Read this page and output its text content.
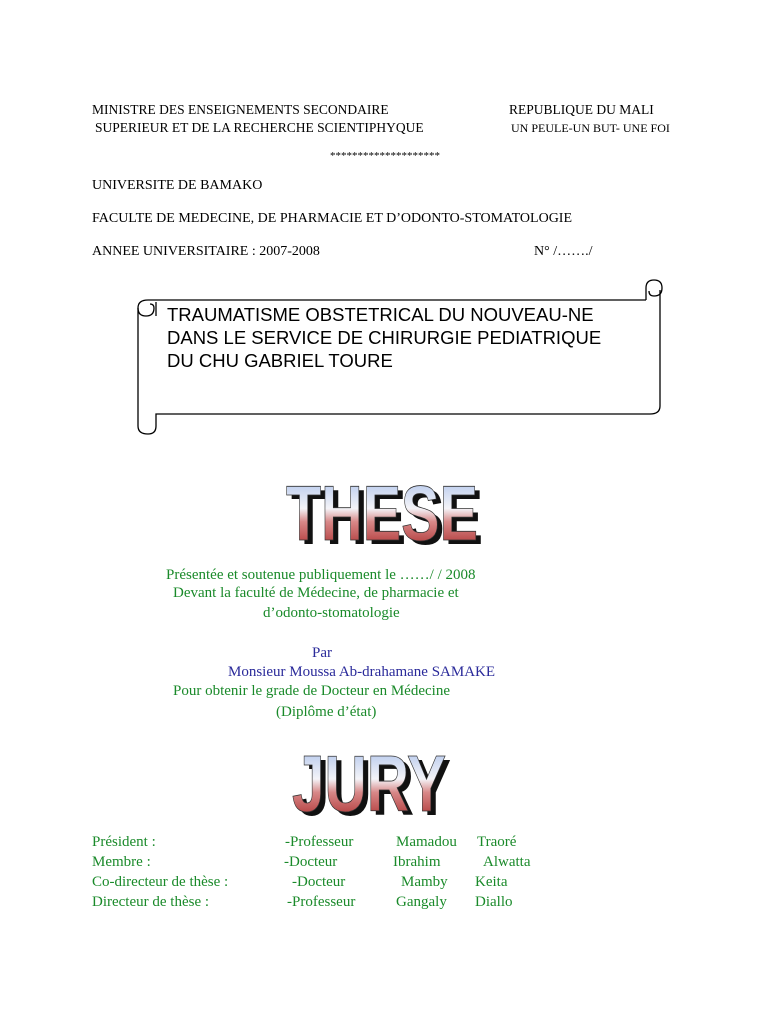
MINISTRE DES ENSEIGNEMENTS SECONDAIRE
SUPERIEUR ET DE LA RECHERCHE SCIENTIPHYQUE
REPUBLIQUE DU MALI
UN PEULE-UN BUT- UNE FOI
********************
UNIVERSITE DE BAMAKO
FACULTE DE MEDECINE, DE PHARMACIE ET D’ODONTO-STOMATOLOGIE
ANNEE UNIVERSITAIRE : 2007-2008	N° /……./
TRAUMATISME OBSTETRICAL DU NOUVEAU-NE
DANS LE SERVICE DE CHIRURGIE PEDIATRIQUE
DU CHU GABRIEL TOURE
THESE
THESE
Présentée et soutenue publiquement le ……/ / 2008
Devant la faculté de Médecine, de pharmacie et
d’odonto-stomatologie
Par
Monsieur Moussa Ab-drahamane SAMAKE
Pour obtenir le grade de Docteur en Médecine
(Diplôme d’état)
JURY
JURY
Président :	-Professeur	Mamadou Traoré
Membre :	-Docteur	Ibrahim	Alwatta
Co-directeur de thèse :	-Docteur	Mamby Keita
Directeur de thèse :	-Professeur	Gangaly Diallo
